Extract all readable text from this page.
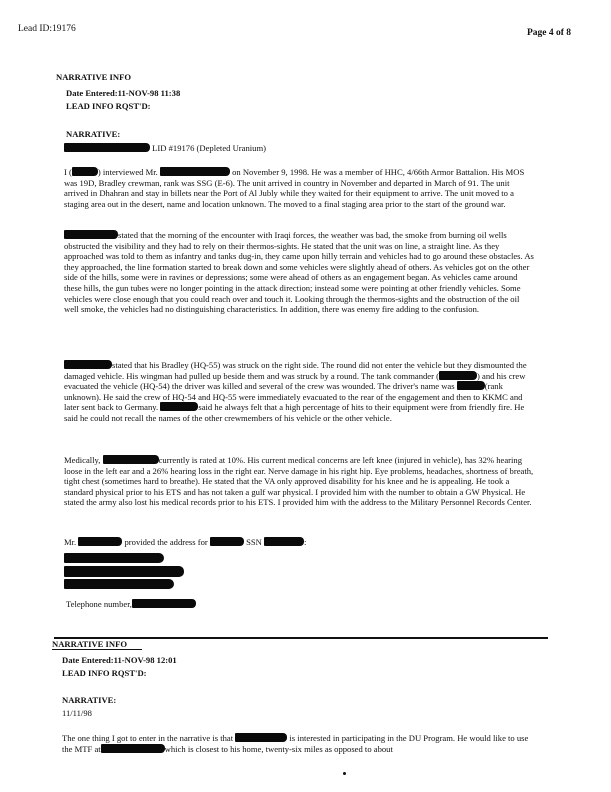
Lead ID:19176	Page 4 of 8
NARRATIVE INFO
Date Entered:11-NOV-98 11:38
LEAD INFO RQST'D:
NARRATIVE:
LID #19176 (Depleted Uranium)
I (	) interviewed Mr.	on November 9, 1998. He was a member of HHC, 4/66th Armor Battalion. His MOS was 19D, Bradley crewman, rank was SSG (E-6). The unit arrived in country in November and departed in March of 91. The unit arrived in Dhahran and stay in billets near the Port of Al Jubly while they waited for their equipment to arrive. The unit moved to a staging area out in the desert, name and location unknown. The moved to a final staging area prior to the start of the ground war.
stated that the morning of the encounter with Iraqi forces, the weather was bad, the smoke from burning oil wells obstructed the visibility and they had to rely on their thermos-sights. He stated that the unit was on line, a straight line. As they approached was told to them as infantry and tanks dug-in, they came upon hilly terrain and vehicles had to go around these obstacles. As they approached, the line formation started to break down and some vehicles were slightly ahead of others. As vehicles got on the other side of the hills, some were in ravines or depressions; some were ahead of others as an engagement began. As vehicles came around these hills, the gun tubes were no longer pointing in the attack direction; instead some were pointing at other friendly vehicles. Some vehicles were close enough that you could reach over and touch it. Looking through the thermos-sights and the obstruction of the oil well smoke, the vehicles had no distinguishing characteristics. In addition, there was enemy fire adding to the confusion.
stated that his Bradley (HQ-55) was struck on the right side. The round did not enter the vehicle but they dismounted the damaged vehicle. His wingman had pulled up beside them and was struck by a round. The tank commander (	) and his crew evacuated the vehicle (HQ-54) the driver was killed and several of the crew was wounded. The driver's name was	(rank unknown). He said the crew of HQ-54 and HQ-55 were immediately evacuated to the rear of the engagement and then to KKMC and later sent back to Germany.	said he always felt that a high percentage of hits to their equipment were from friendly fire. He said he could not recall the names of the other crewmembers of his vehicle or the other vehicle.
Medically,	currently is rated at 10%. His current medical concerns are left knee (injured in vehicle), has 32% hearing loose in the left ear and a 26% hearing loss in the right ear. Nerve damage in his right hip. Eye problems, headaches, shortness of breath, tight chest (sometimes hard to breathe). He stated that the VA only approved disability for his knee and he is appealing. He took a standard physical prior to his ETS and has not taken a gulf war physical. I provided him with the number to obtain a GW Physical. He stated the army also lost his medical records prior to his ETS. I provided him with the address to the Military Personnel Records Center.
Mr.	provided the address for	SSN	:
Telephone number,
NARRATIVE INFO
Date Entered:11-NOV-98 12:01
LEAD INFO RQST'D:
NARRATIVE:
11/11/98
The one thing I got to enter in the narrative is that	is interested in participating in the DU Program. He would like to use the MTF at	which is closest to his home, twenty-six miles as opposed to about
